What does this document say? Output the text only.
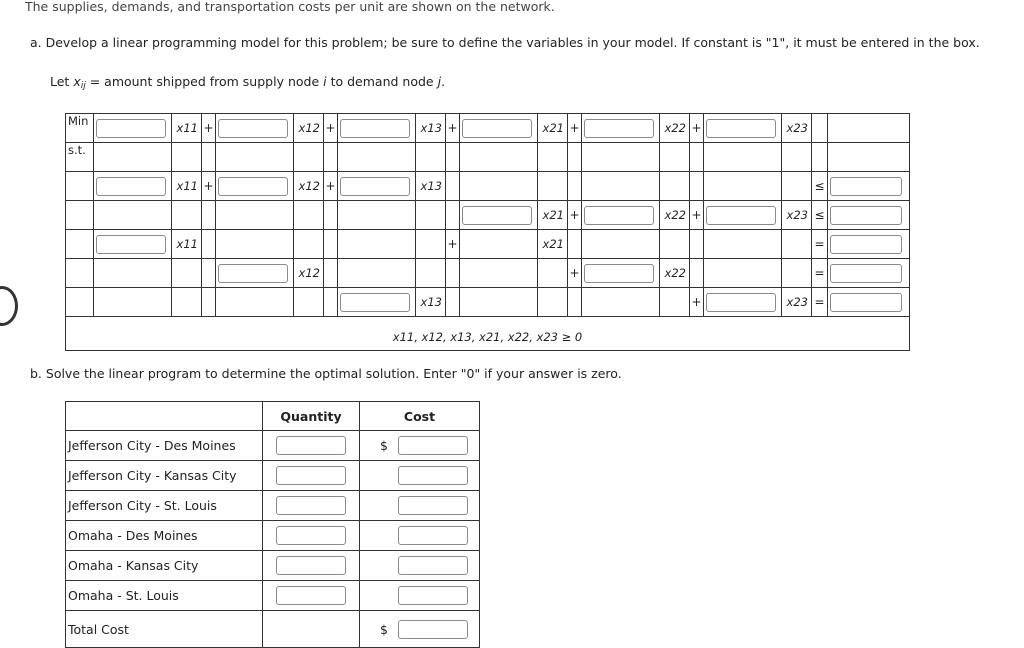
The supplies, demands, and transportation costs per unit are shown on the network.
a. Develop a linear programming model for this problem; be sure to define the variables in your model. If constant is "1", it must be entered in the box.
Let $x_{ij}$ = amount shipped from supply node i to demand node j.
Min		x11	+		x12	+		x13	+		x21	+		x22	+		x23		
s.t.																			

	x11	+		x12	+		x13										≤	

	x21	+		x22	+		x23	≤	

	x11							+		x21							=	

	x12							+		x22				=	

	x13							+		x23	=	

x11, x12, x13, x21, x22, x23 ≥ 0																			
b. Solve the linear program to determine the optimal solution. Enter "0" if your answer is zero.
	Quantity	Cost
Jefferson City - Des Moines		$
Jefferson City - Kansas City		
Jefferson City - St. Louis		
Omaha - Des Moines		
Omaha - Kansas City		
Omaha - St. Louis		
Total Cost		$
